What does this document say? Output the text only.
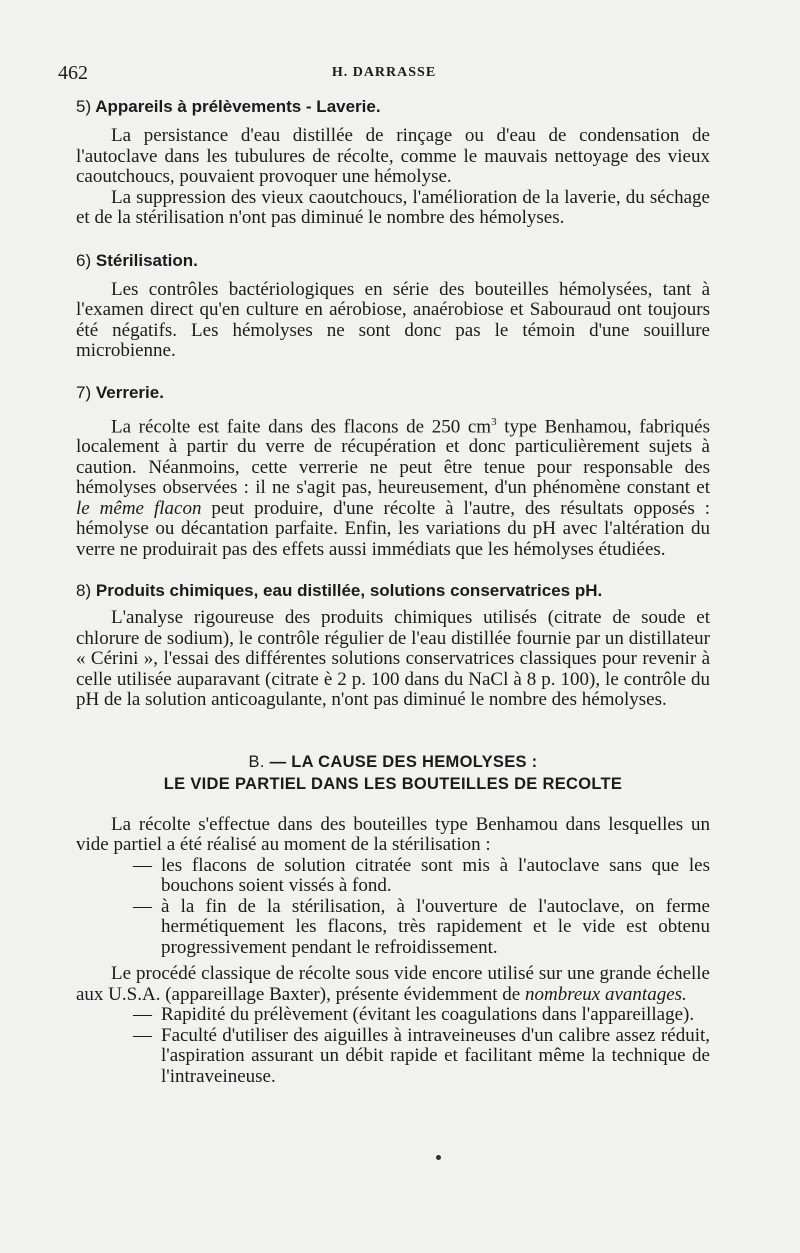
462	H. DARRASSE
5) Appareils à prélèvements - Laverie.

La persistance d'eau distillée de rinçage ou d'eau de condensation de l'autoclave dans les tubulures de récolte, comme le mauvais nettoyage des vieux caoutchoucs, pouvaient provoquer une hémolyse.

La suppression des vieux caoutchoucs, l'amélioration de la laverie, du séchage et de la stérilisation n'ont pas diminué le nombre des hémolyses.

6) Stérilisation.

Les contrôles bactériologiques en série des bouteilles hémolysées, tant à l'examen direct qu'en culture en aérobiose, anaérobiose et Sabouraud ont toujours été négatifs. Les hémolyses ne sont donc pas le témoin d'une souillure microbienne.

7) Verrerie.

La récolte est faite dans des flacons de 250 $cm^3$ type Benhamou, fabriqués localement à partir du verre de récupération et donc particulièrement sujets à caution. Néanmoins, cette verrerie ne peut être tenue pour responsable des hémolyses observées : il ne s'agit pas, heureusement, d'un phénomène constant et le même flacon peut produire, d'une récolte à l'autre, des résultats opposés : hémolyse ou décantation parfaite. Enfin, les variations du pH avec l'altération du verre ne produirait pas des effets aussi immédiats que les hémolyses étudiées.

8) Produits chimiques, eau distillée, solutions conservatrices pH.

L'analyse rigoureuse des produits chimiques utilisés (citrate de soude et chlorure de sodium), le contrôle régulier de l'eau distillée fournie par un distillateur « Cérini », l'essai des différentes solutions conservatrices classiques pour revenir à celle utilisée auparavant (citrate è 2 p. 100 dans du NaCl à 8 p. 100), le contrôle du pH de la solution anticoagulante, n'ont pas diminué le nombre des hémolyses.

B. — LA CAUSE DES HEMOLYSES :

LE VIDE PARTIEL DANS LES BOUTEILLES DE RECOLTE

La récolte s'effectue dans des bouteilles type Benhamou dans lesquelles un vide partiel a été réalisé au moment de la stérilisation :

— les flacons de solution citratée sont mis à l'autoclave sans que les bouchons soient vissés à fond.

— à la fin de la stérilisation, à l'ouverture de l'autoclave, on ferme hermétiquement les flacons, très rapidement et le vide est obtenu progressivement pendant le refroidissement.

Le procédé classique de récolte sous vide encore utilisé sur une grande échelle aux U.S.A. (appareillage Baxter), présente évidemment de nombreux avantages.

— Rapidité du prélèvement (évitant les coagulations dans l'appareillage).

— Faculté d'utiliser des aiguilles à intraveineuses d'un calibre assez réduit, l'aspiration assurant un débit rapide et facilitant même la technique de l'intraveineuse.
